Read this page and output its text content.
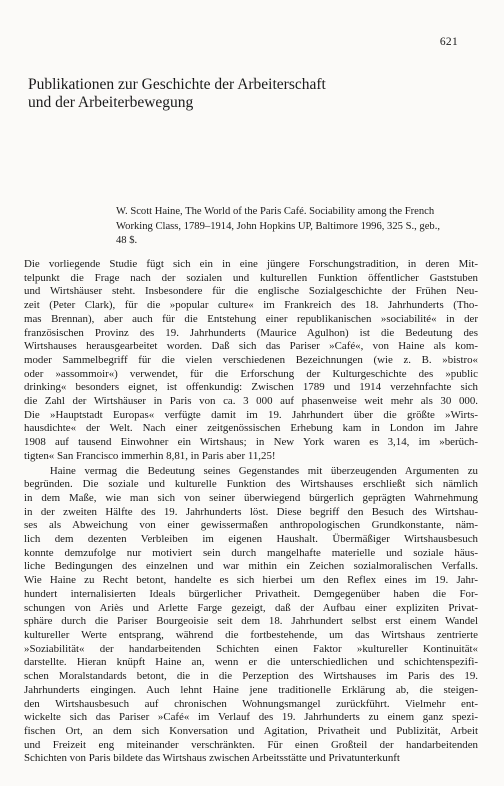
621
Publikationen zur Geschichte der Arbeiterschaft
und der Arbeiterbewegung
W. Scott Haine, The World of the Paris Café. Sociability among the French
Working Class, 1789–1914, John Hopkins UP, Baltimore 1996, 325 S., geb.,
48 $.
Die vorliegende Studie fügt sich ein in eine jüngere Forschungstradition, in deren Mit-
telpunkt die Frage nach der sozialen und kulturellen Funktion öffentlicher Gaststuben
und Wirtshäuser steht. Insbesondere für die englische Sozialgeschichte der Frühen Neu-
zeit (Peter Clark), für die »popular culture« im Frankreich des 18. Jahrhunderts (Tho-
mas Brennan), aber auch für die Entstehung einer republikanischen »sociabilité« in der
französischen Provinz des 19. Jahrhunderts (Maurice Agulhon) ist die Bedeutung des
Wirtshauses herausgearbeitet worden. Daß sich das Pariser »Café«, von Haine als kom-
moder Sammelbegriff für die vielen verschiedenen Bezeichnungen (wie z. B. »bistro«
oder »assommoir«) verwendet, für die Erforschung der Kulturgeschichte des »public
drinking« besonders eignet, ist offenkundig: Zwischen 1789 und 1914 verzehnfachte sich
die Zahl der Wirtshäuser in Paris von ca. 3 000 auf phasenweise weit mehr als 30 000.
Die »Hauptstadt Europas« verfügte damit im 19. Jahrhundert über die größte »Wirts-
hausdichte« der Welt. Nach einer zeitgenössischen Erhebung kam in London im Jahre
1908 auf tausend Einwohner ein Wirtshaus; in New York waren es 3,14, im »berüch-
tigten« San Francisco immerhin 8,81, in Paris aber 11,25!
Haine vermag die Bedeutung seines Gegenstandes mit überzeugenden Argumenten zu
begründen. Die soziale und kulturelle Funktion des Wirtshauses erschließt sich nämlich
in dem Maße, wie man sich von seiner überwiegend bürgerlich geprägten Wahrnehmung
in der zweiten Hälfte des 19. Jahrhunderts löst. Diese begriff den Besuch des Wirtshau-
ses als Abweichung von einer gewissermaßen anthropologischen Grundkonstante, näm-
lich dem dezenten Verbleiben im eigenen Haushalt. Übermäßiger Wirtshausbesuch
konnte demzufolge nur motiviert sein durch mangelhafte materielle und soziale häus-
liche Bedingungen des einzelnen und war mithin ein Zeichen sozialmoralischen Verfalls.
Wie Haine zu Recht betont, handelte es sich hierbei um den Reflex eines im 19. Jahr-
hundert internalisierten Ideals bürgerlicher Privatheit. Demgegenüber haben die For-
schungen von Ariès und Arlette Farge gezeigt, daß der Aufbau einer expliziten Privat-
sphäre durch die Pariser Bourgeoisie seit dem 18. Jahrhundert selbst erst einem Wandel
kultureller Werte entsprang, während die fortbestehende, um das Wirtshaus zentrierte
»Soziabilität« der handarbeitenden Schichten einen Faktor »kultureller Kontinuität«
darstellte. Hieran knüpft Haine an, wenn er die unterschiedlichen und schichtenspezifi-
schen Moralstandards betont, die in die Perzeption des Wirtshauses im Paris des 19.
Jahrhunderts eingingen. Auch lehnt Haine jene traditionelle Erklärung ab, die steigen-
den Wirtshausbesuch auf chronischen Wohnungsmangel zurückführt. Vielmehr ent-
wickelte sich das Pariser »Café« im Verlauf des 19. Jahrhunderts zu einem ganz spezi-
fischen Ort, an dem sich Konversation und Agitation, Privatheit und Publizität, Arbeit
und Freizeit eng miteinander verschränkten. Für einen Großteil der handarbeitenden
Schichten von Paris bildete das Wirtshaus zwischen Arbeitsstätte und Privatunterkunft
